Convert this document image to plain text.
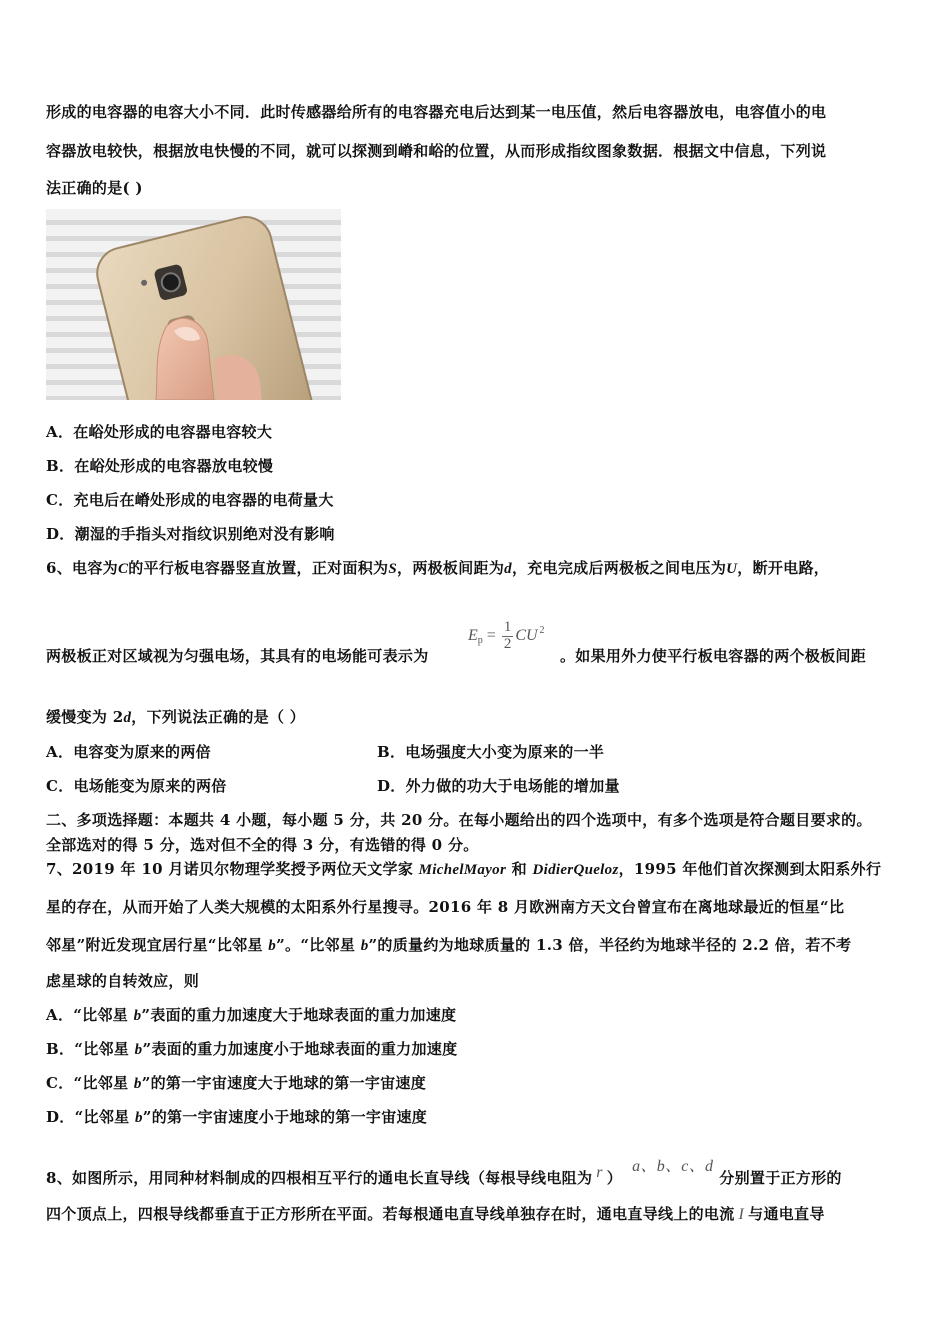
形成的电容器的电容大小不同．此时传感器给所有的电容器充电后达到某一电压值，然后电容器放电，电容值小的电
容器放电较快，根据放电快慢的不同，就可以探测到嵴和峪的位置，从而形成指纹图象数据．根据文中信息，下列说
法正确的是( )
A．在峪处形成的电容器电容较大
B．在峪处形成的电容器放电较慢
C．充电后在嵴处形成的电容器的电荷量大
D．潮湿的手指头对指纹识别绝对没有影响
6、电容为C的平行板电容器竖直放置，正对面积为S，两极板间距为d，充电完成后两极板之间电压为U，断开电路，
两极板正对区域视为匀强电场，其具有的电场能可表示为
$E_p = \frac{1}{2}$ CU $^2$
。如果用外力使平行板电容器的两个极板间距
缓慢变为 2d，下列说法正确的是（ ）
A．电容变为原来的两倍	B．电场强度大小变为原来的一半
C．电场能变为原来的两倍	D．外力做的功大于电场能的增加量
二、多项选择题：本题共 4 小题，每小题 5 分，共 20 分。在每小题给出的四个选项中，有多个选项是符合题目要求的。
全部选对的得 5 分，选对但不全的得 3 分，有选错的得 0 分。
7、2019 年 10 月诺贝尔物理学奖授予两位天文学家 MichelMayor 和 DidierQueloz，1995 年他们首次探测到太阳系外行
星的存在，从而开始了人类大规模的太阳系外行星搜寻。2016 年 8 月欧洲南方天文台曾宣布在离地球最近的恒星“比
邻星”附近发现宜居行星“比邻星 b”。“比邻星 b”的质量约为地球质量的 1.3 倍，半径约为地球半径的 2.2 倍，若不考
虑星球的自转效应，则
A．“比邻星 b”表面的重力加速度大于地球表面的重力加速度
B．“比邻星 b”表面的重力加速度小于地球表面的重力加速度
C．“比邻星 b”的第一宇宙速度大于地球的第一宇宙速度
D．“比邻星 b”的第一宇宙速度小于地球的第一宇宙速度
8、如图所示，用同种材料制成的四根相互平行的通电长直导线（每根导线电阻为 r ）a、b、c、d分别置于正方形的
四个顶点上，四根导线都垂直于正方形所在平面。若每根通电直导线单独存在时，通电直导线上的电流 I 与通电直导
